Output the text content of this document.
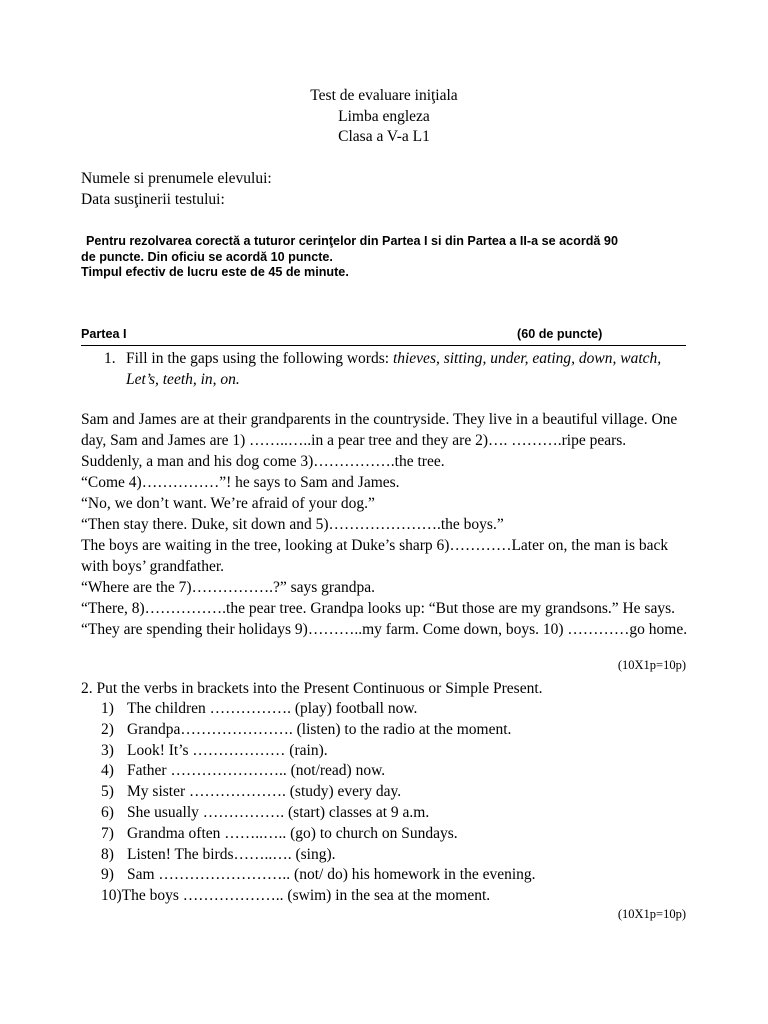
Test de evaluare iniţiala
Limba engleza
Clasa a V-a L1
Numele si prenumele elevului:
Data susţinerii testului:
Pentru rezolvarea corectă a tuturor cerinţelor din Partea I si din Partea a II-a se acordă 90
de puncte. Din oficiu se acordă 10 puncte.
Timpul efectiv de lucru este de 45 de minute.
Partea I	(60 de puncte)
1. Fill in the gaps using the following words: thieves, sitting, under, eating, down, watch, Let’s, teeth, in, on.

Sam and James are at their grandparents in the countryside. They live in a beautiful village. One day, Sam and James are 1) ……..…..in a pear tree and they are 2)…. ……….ripe pears. Suddenly, a man and his dog come 3)…………….the tree.

“Come 4)……………”! he says to Sam and James.

“No, we don’t want. We’re afraid of your dog.”

“Then stay there. Duke, sit down and 5)………………….the boys.”

The boys are waiting in the tree, looking at Duke’s sharp 6)…………Later on, the man is back with boys’ grandfather.

“Where are the 7)…………….?” says grandpa.

“There, 8)…………….the pear tree. Grandpa looks up: “But those are my grandsons.” He says. “They are spending their holidays 9)………..my farm. Come down, boys. 10) …………go home.

(10X1p=10p)
2. Put the verbs in brackets into the Present Continuous or Simple Present.
1) The children ……………. (play) football now.
2) Grandpa…………………. (listen) to the radio at the moment.
3) Look! It’s ……………… (rain).
4) Father ………………….. (not/read) now.
5) My sister ………………. (study) every day.
6) She usually ……………. (start) classes at 9 a.m.
7) Grandma often ……..….. (go) to church on Sundays.
8) Listen! The birds……..…. (sing).
9) Sam …………………….. (not/ do) his homework in the evening.
10)The boys ……………….. (swim) in the sea at the moment.
(10X1p=10p)
